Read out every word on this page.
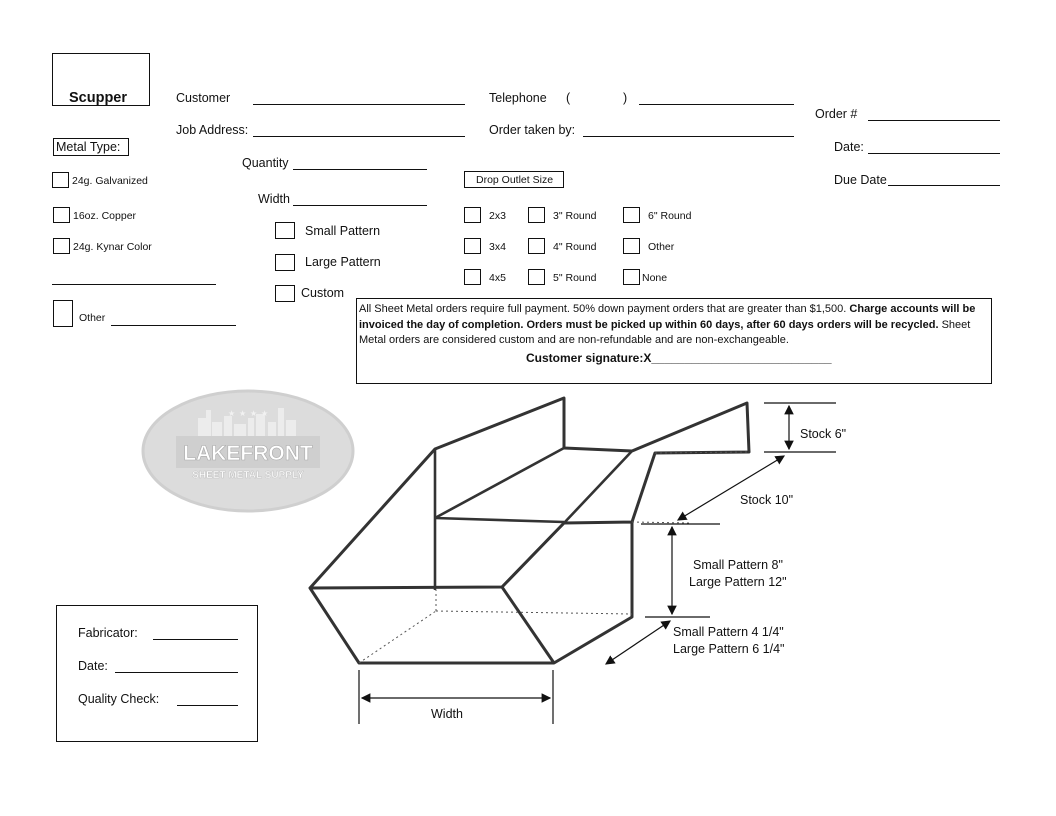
Scupper	Customer	Telephone (	)
Order #
Job Address:	Order taken by:
Date:
Due Date
Metal Type:
24g. Galvanized
16oz. Copper
24g. Kynar Color
Other
Quantity
Width
Small Pattern
Large Pattern
Custom
Drop Outlet Size
2x3	3" Round	6" Round
3x4	4" Round	Other
4x5	5" Round	None
All Sheet Metal orders require full payment. 50% down payment orders that are greater than $1,500. Charge accounts will be invoiced the day of completion. Orders must be picked up within 60 days, after 60 days orders will be recycled. Sheet Metal orders are considered custom and are non-refundable and are non-exchangeable.
Customer signature:X___________________________
★ ★ ★ ★
LAKEFRONT
SHEET METAL SUPPLY
Stock 6"
Stock 10"
Small Pattern 8"
Large Pattern 12"
Small Pattern 4 1/4"
Large Pattern 6 1/4"
Width
Fabricator:
Date:
Quality Check:
